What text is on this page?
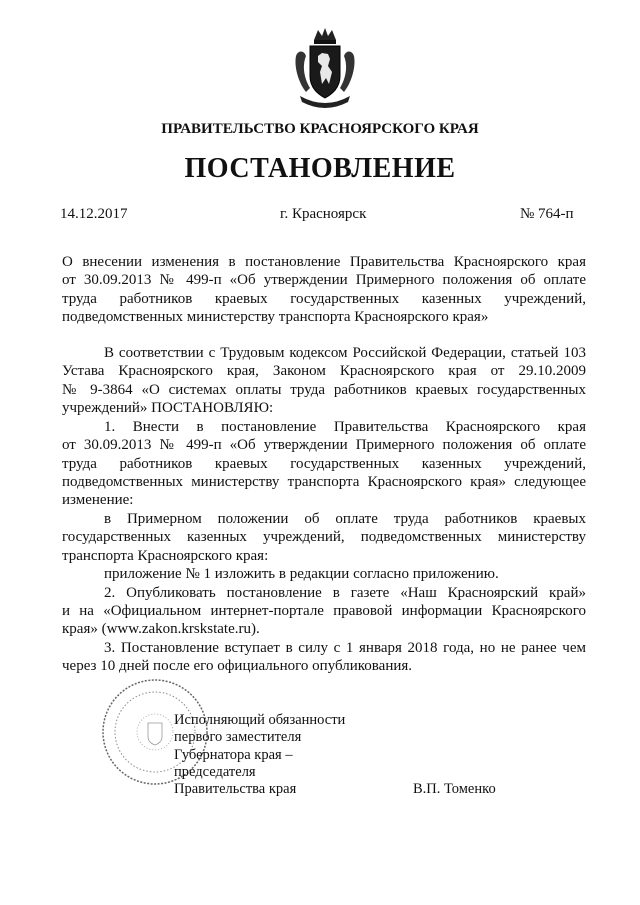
ПРАВИТЕЛЬСТВО КРАСНОЯРСКОГО КРАЯ
ПОСТАНОВЛЕНИЕ
14.12.2017	г. Красноярск	№ 764-п
О внесении изменения в постановление Правительства Красноярского края
от 30.09.2013 № 499-п «Об утверждении Примерного положения об оплате
труда работников краевых государственных казенных учреждений,
подведомственных министерству транспорта Красноярского края»
В соответствии с Трудовым кодексом Российской Федерации, статьей 103
Устава Красноярского края, Законом Красноярского края от 29.10.2009
№ 9-3864 «О системах оплаты труда работников краевых государственных
учреждений» ПОСТАНОВЛЯЮ:
1. Внести в постановление Правительства Красноярского края
от 30.09.2013 № 499-п «Об утверждении Примерного положения об оплате
труда работников краевых государственных казенных учреждений,
подведомственных министерству транспорта Красноярского края» следующее
изменение:
в Примерном положении об оплате труда работников краевых
государственных казенных учреждений, подведомственных министерству
транспорта Красноярского края:
приложение № 1 изложить в редакции согласно приложению.
2. Опубликовать постановление в газете «Наш Красноярский край»
и на «Официальном интернет-портале правовой информации Красноярского
края» (www.zakon.krskstate.ru).
3. Постановление вступает в силу с 1 января 2018 года, но не ранее чем
через 10 дней после его официального опубликования.
Исполняющий обязанности
первого заместителя
Губернатора края –
председателя
Правительства края	В.П. Томенко
